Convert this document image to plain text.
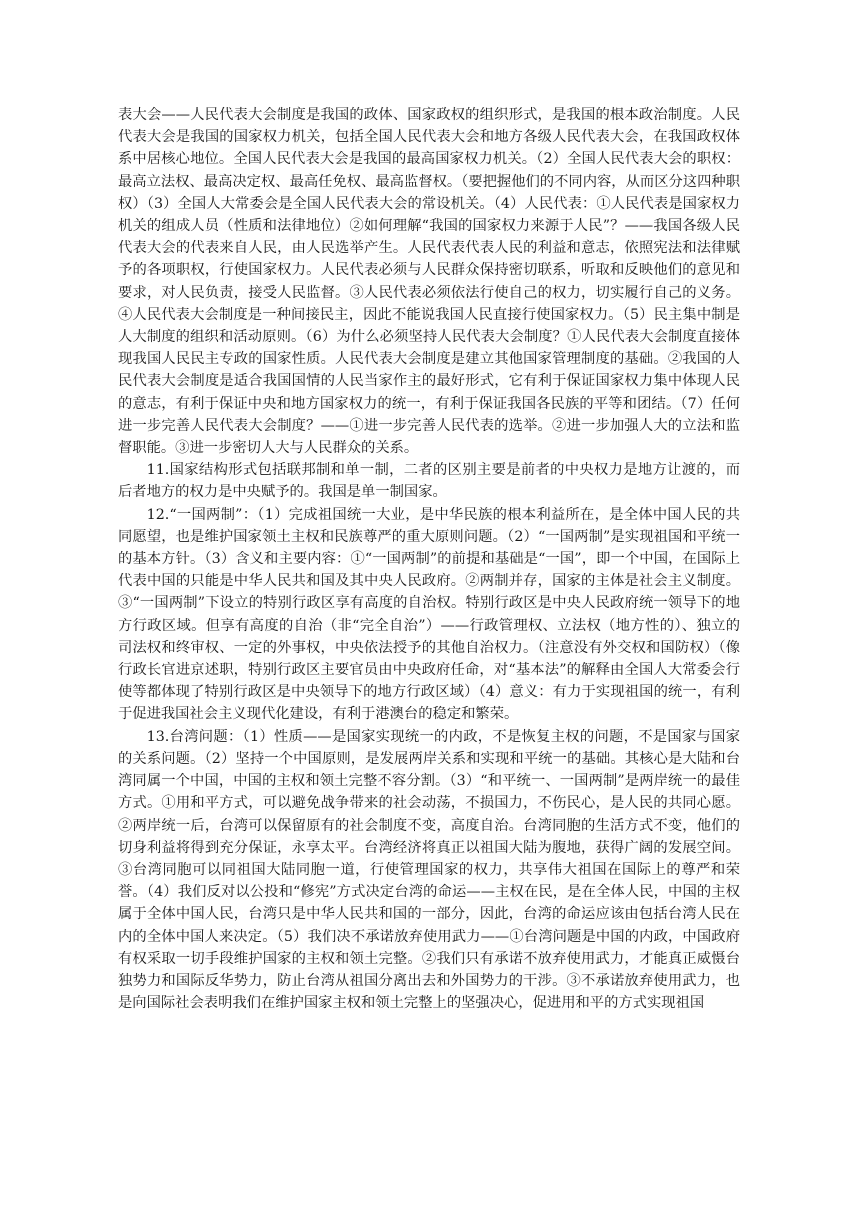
表大会——人民代表大会制度是我国的政体、国家政权的组织形式，是我国的根本政治制度。人民代表大会是我国的国家权力机关，包括全国人民代表大会和地方各级人民代表大会，在我国政权体系中居核心地位。全国人民代表大会是我国的最高国家权力机关。（2）全国人民代表大会的职权：最高立法权、最高决定权、最高任免权、最高监督权。（要把握他们的不同内容，从而区分这四种职权）（3）全国人大常委会是全国人民代表大会的常设机关。（4）人民代表：①人民代表是国家权力机关的组成人员（性质和法律地位）②如何理解“我国的国家权力来源于人民”？——我国各级人民代表大会的代表来自人民，由人民选举产生。人民代表代表人民的利益和意志，依照宪法和法律赋予的各项职权，行使国家权力。人民代表必须与人民群众保持密切联系，听取和反映他们的意见和要求，对人民负责，接受人民监督。③人民代表必须依法行使自己的权力，切实履行自己的义务。④人民代表大会制度是一种间接民主，因此不能说我国人民直接行使国家权力。（5）民主集中制是人大制度的组织和活动原则。（6）为什么必须坚持人民代表大会制度？①人民代表大会制度直接体现我国人民民主专政的国家性质。人民代表大会制度是建立其他国家管理制度的基础。②我国的人民代表大会制度是适合我国国情的人民当家作主的最好形式，它有利于保证国家权力集中体现人民的意志，有利于保证中央和地方国家权力的统一，有利于保证我国各民族的平等和团结。（7）任何进一步完善人民代表大会制度？——①进一步完善人民代表的选举。②进一步加强人大的立法和监督职能。③进一步密切人大与人民群众的关系。

11.国家结构形式包括联邦制和单一制，二者的区别主要是前者的中央权力是地方让渡的，而后者地方的权力是中央赋予的。我国是单一制国家。

12.“一国两制”：（1）完成祖国统一大业，是中华民族的根本利益所在，是全体中国人民的共同愿望，也是维护国家领土主权和民族尊严的重大原则问题。（2）“一国两制”是实现祖国和平统一的基本方针。（3）含义和主要内容：①“一国两制”的前提和基础是“一国”，即一个中国，在国际上代表中国的只能是中华人民共和国及其中央人民政府。②两制并存，国家的主体是社会主义制度。③“一国两制”下设立的特别行政区享有高度的自治权。特别行政区是中央人民政府统一领导下的地方行政区域。但享有高度的自治（非“完全自治”）——行政管理权、立法权（地方性的）、独立的司法权和终审权、一定的外事权，中央依法授予的其他自治权力。（注意没有外交权和国防权）（像行政长官进京述职，特别行政区主要官员由中央政府任命，对“基本法”的解释由全国人大常委会行使等都体现了特别行政区是中央领导下的地方行政区域）（4）意义：有力于实现祖国的统一，有利于促进我国社会主义现代化建设，有利于港澳台的稳定和繁荣。

13.台湾问题：（1）性质——是国家实现统一的内政，不是恢复主权的问题，不是国家与国家的关系问题。（2）坚持一个中国原则，是发展两岸关系和实现和平统一的基础。其核心是大陆和台湾同属一个中国，中国的主权和领土完整不容分割。（3）“和平统一、一国两制”是两岸统一的最佳方式。①用和平方式，可以避免战争带来的社会动荡，不损国力，不伤民心，是人民的共同心愿。②两岸统一后，台湾可以保留原有的社会制度不变，高度自治。台湾同胞的生活方式不变，他们的切身利益将得到充分保证，永享太平。台湾经济将真正以祖国大陆为腹地，获得广阔的发展空间。③台湾同胞可以同祖国大陆同胞一道，行使管理国家的权力，共享伟大祖国在国际上的尊严和荣誉。（4）我们反对以公投和“修宪”方式决定台湾的命运——主权在民，是在全体人民，中国的主权属于全体中国人民，台湾只是中华人民共和国的一部分，因此，台湾的命运应该由包括台湾人民在内的全体中国人来决定。（5）我们决不承诺放弃使用武力——①台湾问题是中国的内政，中国政府有权采取一切手段维护国家的主权和领土完整。②我们只有承诺不放弃使用武力，才能真正威慑台独势力和国际反华势力，防止台湾从祖国分离出去和外国势力的干涉。③不承诺放弃使用武力，也是向国际社会表明我们在维护国家主权和领土完整上的坚强决心，促进用和平的方式实现祖国
